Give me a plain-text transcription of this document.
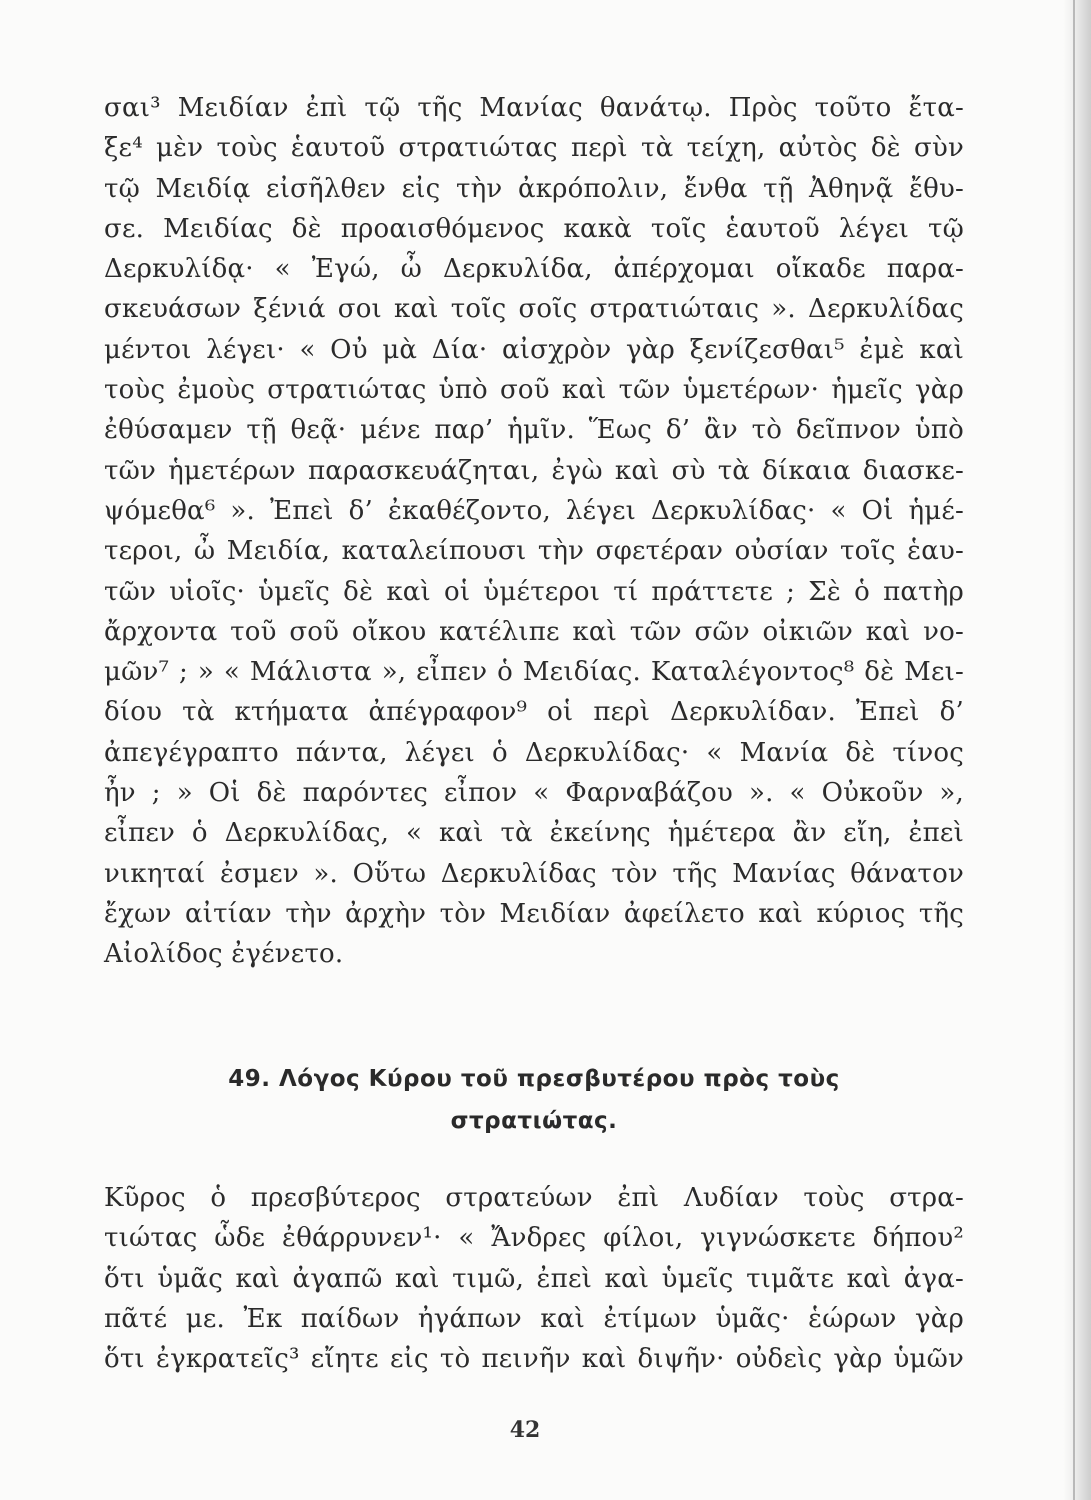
σαι³ Μειδίαν ἐπὶ τῷ τῆς Μανίας θανάτῳ. Πρὸς τοῦτο ἔτα-
ξε⁴ μὲν τοὺς ἑαυτοῦ στρατιώτας περὶ τὰ τείχη, αὐτὸς δὲ σὺν
τῷ Μειδίᾳ εἰσῆλθεν εἰς τὴν ἀκρόπολιν, ἔνθα τῇ Ἀθηνᾷ ἔθυ-
σε. Μειδίας δὲ προαισθόμενος κακὰ τοῖς ἑαυτοῦ λέγει τῷ
Δερκυλίδᾳ· « Ἐγώ, ὦ Δερκυλίδα, ἀπέρχομαι οἴκαδε παρα-
σκευάσων ξένιά σοι καὶ τοῖς σοῖς στρατιώταις ». Δερκυλίδας
μέντοι λέγει· « Οὐ μὰ Δία· αἰσχρὸν γὰρ ξενίζεσθαι⁵ ἐμὲ καὶ
τοὺς ἐμοὺς στρατιώτας ὑπὸ σοῦ καὶ τῶν ὑμετέρων· ἡμεῖς γὰρ
ἐθύσαμεν τῇ θεᾷ· μένε παρ’ ἡμῖν. Ἕως δ’ ἂν τὸ δεῖπνον ὑπὸ
τῶν ἡμετέρων παρασκευάζηται, ἐγὼ καὶ σὺ τὰ δίκαια διασκε-
ψόμεθα⁶ ». Ἐπεὶ δ’ ἐκαθέζοντο, λέγει Δερκυλίδας· « Οἱ ἡμέ-
τεροι, ὦ Μειδία, καταλείπουσι τὴν σφετέραν οὐσίαν τοῖς ἑαυ-
τῶν υἱοῖς· ὑμεῖς δὲ καὶ οἱ ὑμέτεροι τί πράττετε ; Σὲ ὁ πατὴρ
ἄρχοντα τοῦ σοῦ οἴκου κατέλιπε καὶ τῶν σῶν οἰκιῶν καὶ νο-
μῶν⁷ ; » « Μάλιστα », εἶπεν ὁ Μειδίας. Καταλέγοντος⁸ δὲ Μει-
δίου τὰ κτήματα ἀπέγραφον⁹ οἱ περὶ Δερκυλίδαν. Ἐπεὶ δ’
ἀπεγέγραπτο πάντα, λέγει ὁ Δερκυλίδας· « Μανία δὲ τίνος
ἦν ; » Οἱ δὲ παρόντες εἶπον « Φαρναβάζου ». « Οὐκοῦν »,
εἶπεν ὁ Δερκυλίδας, « καὶ τὰ ἐκείνης ἡμέτερα ἂν εἴη, ἐπεὶ
νικηταί ἐσμεν ». Οὕτω Δερκυλίδας τὸν τῆς Μανίας θάνατον
ἔχων αἰτίαν τὴν ἀρχὴν τὸν Μειδίαν ἀφείλετο καὶ κύριος τῆς
Αἰολίδος ἐγένετο.
49. Λόγος Κύρου τοῦ πρεσβυτέρου πρὸς τοὺς
στρατιώτας.
Κῦρος ὁ πρεσβύτερος στρατεύων ἐπὶ Λυδίαν τοὺς στρα-
τιώτας ὧδε ἐθάρρυνεν¹· « Ἄνδρες φίλοι, γιγνώσκετε δήπου²
ὅτι ὑμᾶς καὶ ἀγαπῶ καὶ τιμῶ, ἐπεὶ καὶ ὑμεῖς τιμᾶτε καὶ ἀγα-
πᾶτέ με. Ἐκ παίδων ἠγάπων καὶ ἐτίμων ὑμᾶς· ἑώρων γὰρ
ὅτι ἐγκρατεῖς³ εἴητε εἰς τὸ πεινῆν καὶ διψῆν· οὐδεὶς γὰρ ὑμῶν
42
